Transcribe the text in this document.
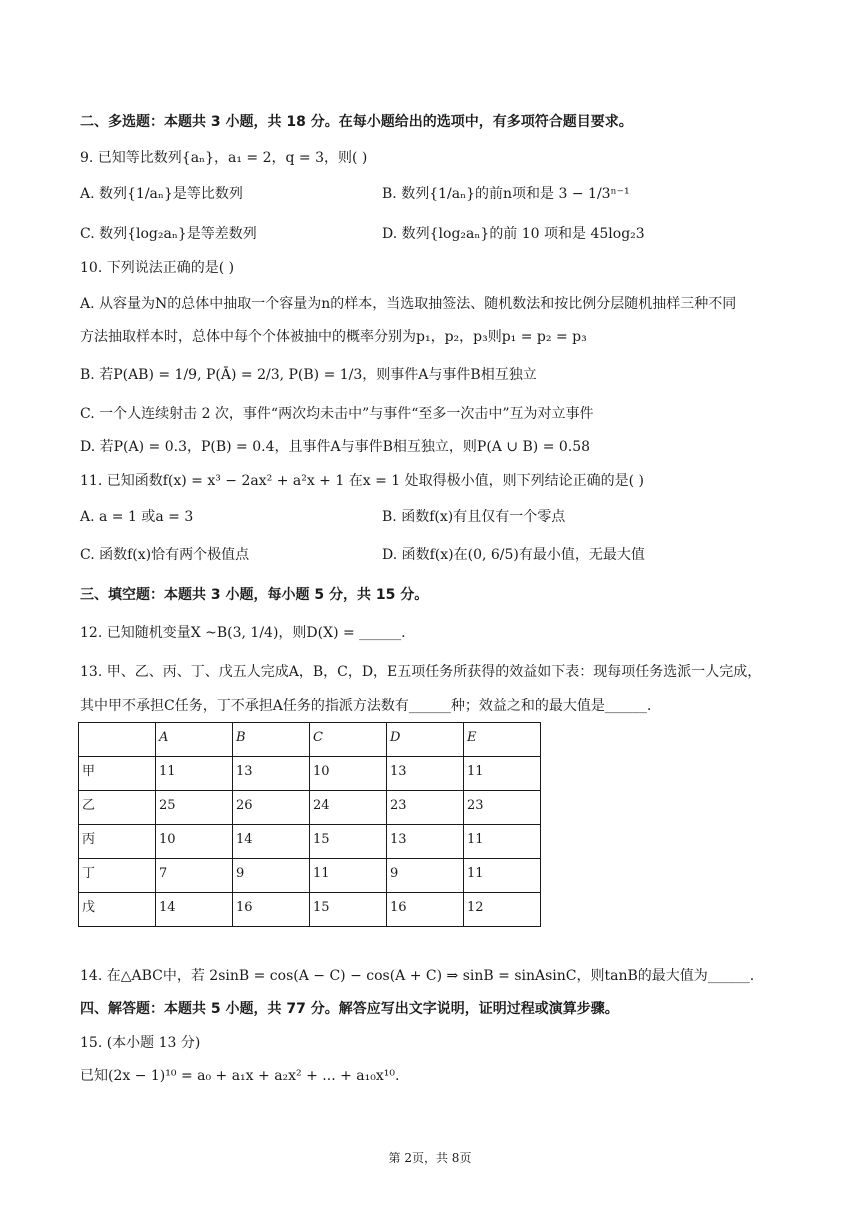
二、多选题：本题共 3 小题，共 18 分。在每小题给出的选项中，有多项符合题目要求。
9. 已知等比数列{aₙ}，a₁ = 2，q = 3，则( )
A. 数列{1/aₙ}是等比数列	B. 数列{1/aₙ}的前n项和是 3 − 1/3ⁿ⁻¹
C. 数列{log₂aₙ}是等差数列	D. 数列{log₂aₙ}的前 10 项和是 45log₂3
10. 下列说法正确的是( )
A. 从容量为N的总体中抽取一个容量为n的样本，当选取抽签法、随机数法和按比例分层随机抽样三种不同
方法抽取样本时，总体中每个个体被抽中的概率分别为p₁，p₂，p₃则p₁ = p₂ = p₃
B. 若P(AB) = 1/9, P(Ā) = 2/3, P(B) = 1/3，则事件A与事件B相互独立
C. 一个人连续射击 2 次，事件“两次均未击中”与事件“至多一次击中”互为对立事件
D. 若P(A) = 0.3，P(B) = 0.4，且事件A与事件B相互独立，则P(A ∪ B) = 0.58
11. 已知函数f(x) = x³ − 2ax² + a²x + 1 在x = 1 处取得极小值，则下列结论正确的是( )
A. a = 1 或a = 3	B. 函数f(x)有且仅有一个零点
C. 函数f(x)恰有两个极值点	D. 函数f(x)在(0, 6/5)有最小值，无最大值
三、填空题：本题共 3 小题，每小题 5 分，共 15 分。
12. 已知随机变量X ~B(3, 1/4)，则D(X) = ______.
13. 甲、乙、丙、丁、戊五人完成A，B，C，D，E五项任务所获得的效益如下表：现每项任务选派一人完成，
其中甲不承担C任务，丁不承担A任务的指派方法数有______种；效益之和的最大值是______.
	A	B	C	D	E
甲	11	13	10	13	11
乙	25	26	24	23	23
丙	10	14	15	13	11
丁	7	9	11	9	11
戊	14	16	15	16	12
14. 在△ABC中，若 2sinB = cos(A − C) − cos(A + C) ⇒ sinB = sinAsinC，则tanB的最大值为______.
四、解答题：本题共 5 小题，共 77 分。解答应写出文字说明，证明过程或演算步骤。
15. (本小题 13 分)
已知(2x − 1)¹⁰ = a₀ + a₁x + a₂x² + ... + a₁₀x¹⁰.
第 2页，共 8页
